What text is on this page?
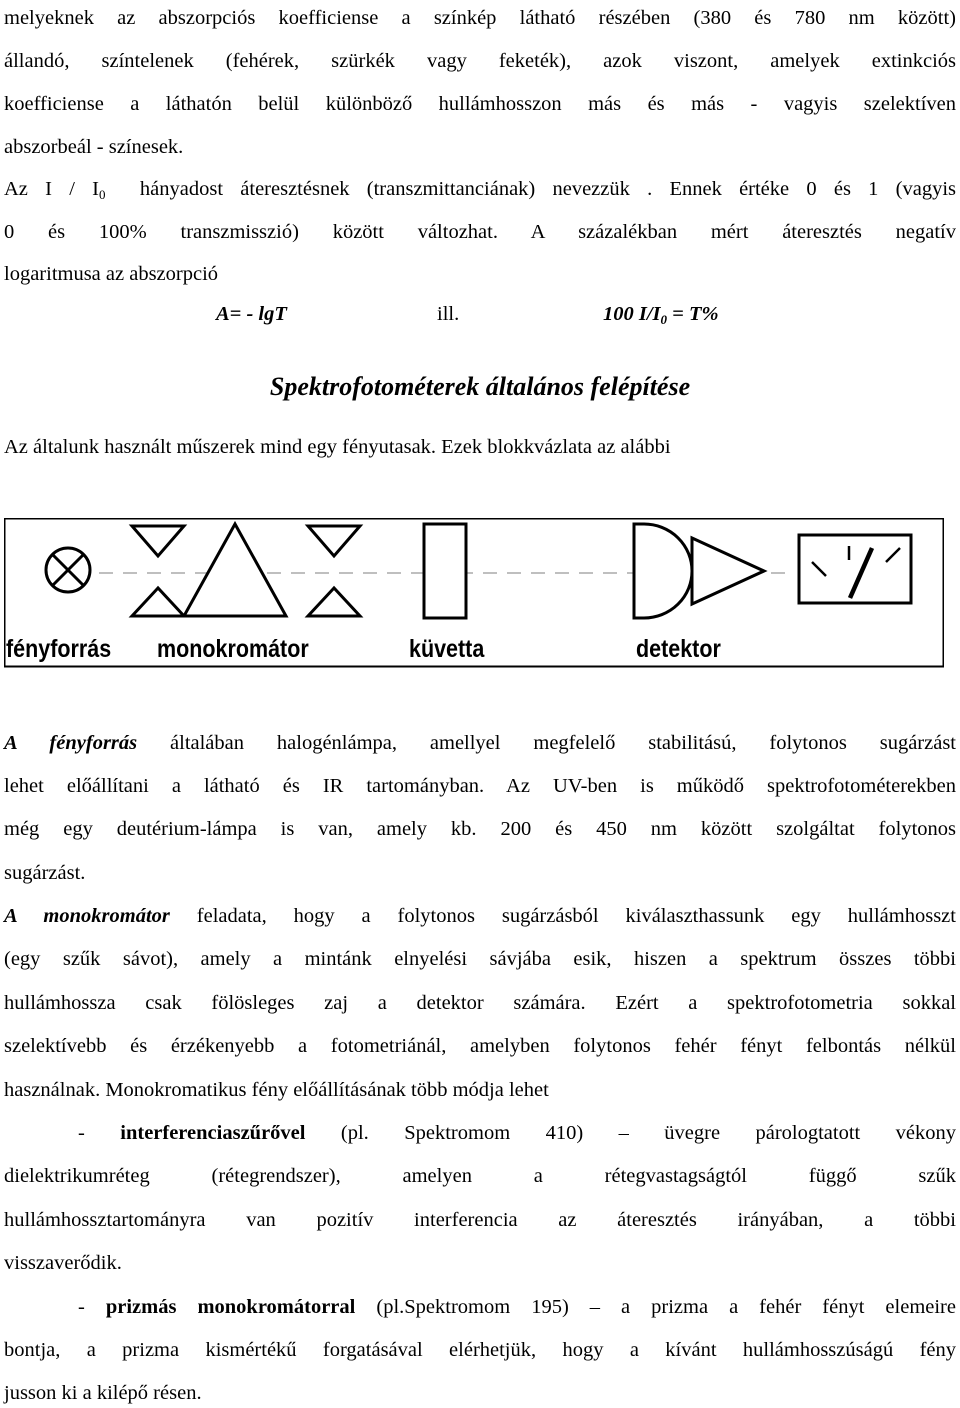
melyeknek az abszorpciós koefficiense a színkép látható részében (380 és 780 nm között)
állandó, színtelenek (fehérek, szürkék vagy feketék), azok viszont, amelyek extinkciós
koefficiense a láthatón belül különböző hullámhosszon más és más - vagyis szelektíven
abszorbeál - színesek.
Az I / $I_0$  hányadost áteresztésnek (transzmittanciának) nevezzük . Ennek értéke 0 és 1 (vagyis
0 és 100% transzmisszió) között változhat. A százalékban mért áteresztés negatív
logaritmusa az abszorpció
A= - lgT	ill.	100 $I/I_0 = T\%$
Spektrofotométerek általános felépítése
Az általunk használt műszerek mind egy fényutasak. Ezek blokkvázlata az alábbi
fényforrás monokromátor	küvetta	detektor
A fényforrás általában halogénlámpa, amellyel megfelelő stabilitású, folytonos sugárzást
lehet előállítani a látható és IR tartományban. Az UV-ben is működő spektrofotométerekben
még egy deutérium-lámpa is van, amely kb. 200 és 450 nm között szolgáltat folytonos
sugárzást.
A monokromátor feladata, hogy a folytonos sugárzásból kiválaszthassunk egy hullámhosszt
(egy szűk sávot), amely a mintánk elnyelési sávjába esik, hiszen a spektrum összes többi
hullámhossza csak fölösleges zaj a detektor számára. Ezért a spektrofotometria sokkal
szelektívebb és érzékenyebb a fotometriánál, amelyben folytonos fehér fényt felbontás nélkül
használnak. Monokromatikus fény előállításának több módja lehet
- interferenciaszűrővel (pl. Spektromom 410) – üvegre párologtatott vékony
dielektrikumréteg (rétegrendszer), amelyen a rétegvastagságtól függő szűk
hullámhossztartományra van pozitív interferencia az áteresztés irányában, a többi
visszaverődik.
- prizmás monokromátorral (pl.Spektromom 195) – a prizma a fehér fényt elemeire
bontja, a prizma kismértékű forgatásával elérhetjük, hogy a kívánt hullámhosszúságú fény
jusson ki a kilépő résen.
